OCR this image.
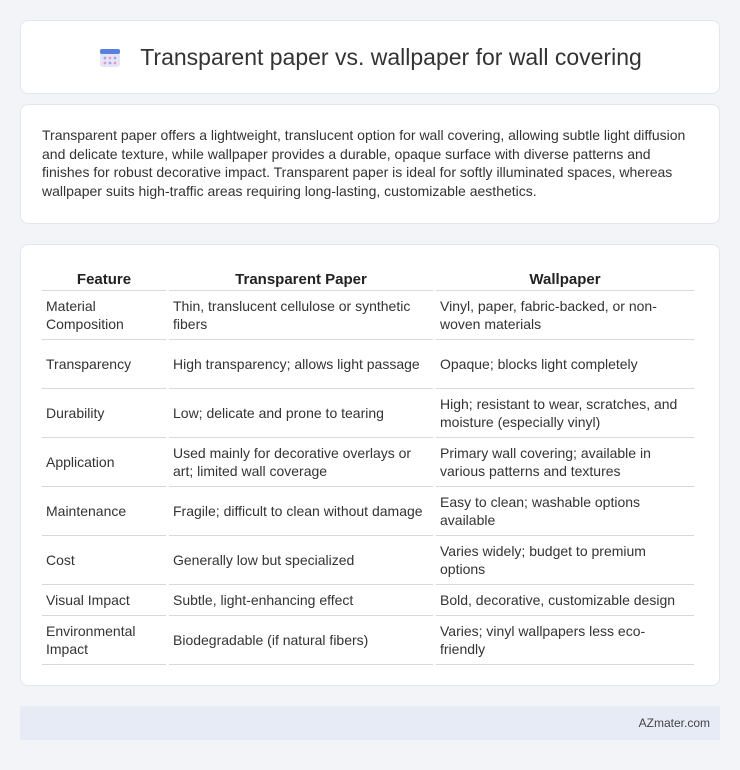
Transparent paper vs. wallpaper for wall covering

Transparent paper offers a lightweight, translucent option for wall covering, allowing subtle light diffusion and delicate texture, while wallpaper provides a durable, opaque surface with diverse patterns and finishes for robust decorative impact. Transparent paper is ideal for softly illuminated spaces, whereas wallpaper suits high-traffic areas requiring long-lasting, customizable aesthetics.

Feature	Transparent Paper	Wallpaper
Material Composition	Thin, translucent cellulose or synthetic fibers	Vinyl, paper, fabric-backed, or non-woven materials
Transparency	High transparency; allows light passage	Opaque; blocks light completely
Durability	Low; delicate and prone to tearing	High; resistant to wear, scratches, and moisture (especially vinyl)
Application	Used mainly for decorative overlays or art; limited wall coverage	Primary wall covering; available in various patterns and textures
Maintenance	Fragile; difficult to clean without damage	Easy to clean; washable options available
Cost	Generally low but specialized	Varies widely; budget to premium options
Visual Impact	Subtle, light-enhancing effect	Bold, decorative, customizable design
Environmental Impact	Biodegradable (if natural fibers)	Varies; vinyl wallpapers less eco-friendly
AZmater.com
